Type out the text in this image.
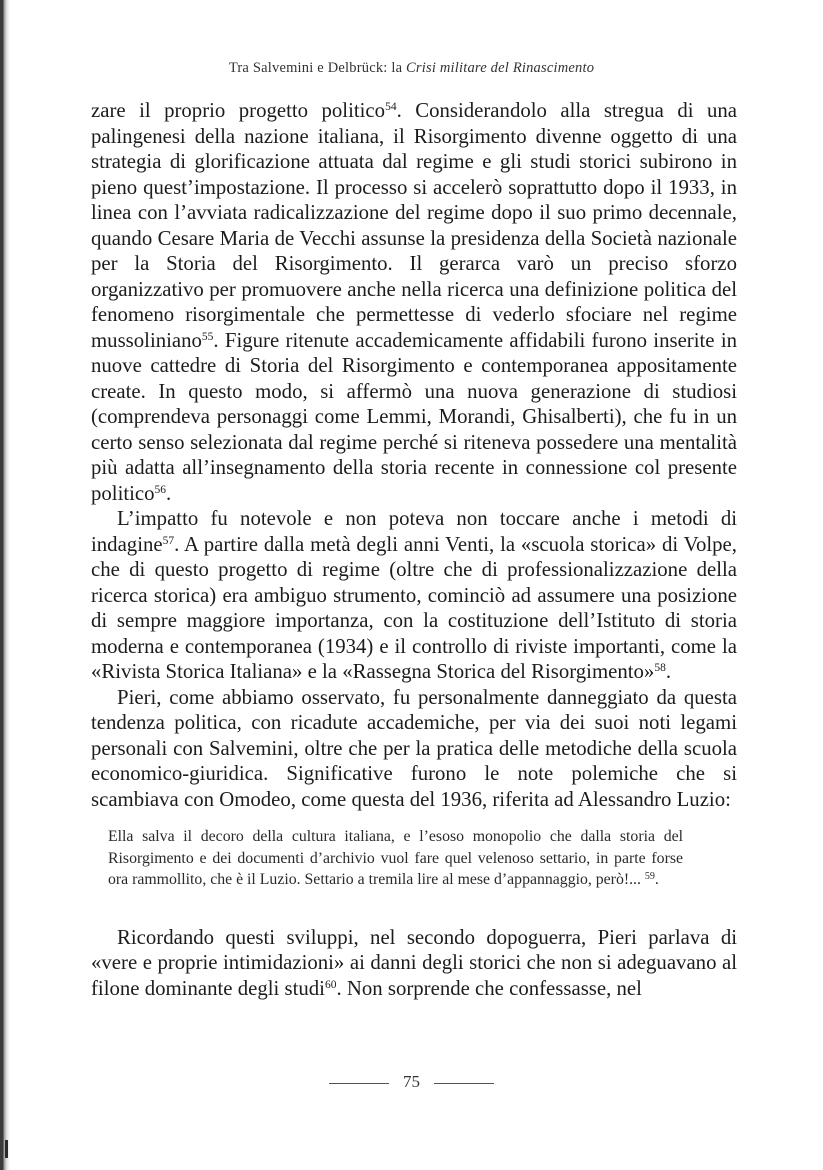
Tra Salvemini e Delbrück: la Crisi militare del Rinascimento

zare il proprio progetto politico$^{54}$. Considerandolo alla stregua di una palingenesi della nazione italiana, il Risorgimento divenne oggetto di una strategia di glorificazione attuata dal regime e gli studi storici subirono in pieno quest’impostazione. Il processo si accelerò soprattutto dopo il 1933, in linea con l’avviata radicalizzazione del regime dopo il suo primo decennale, quando Cesare Maria de Vecchi assunse la presidenza della Società nazionale per la Storia del Risorgimento. Il gerarca varò un preciso sforzo organizzativo per promuovere anche nella ricerca una definizione politica del fenomeno risorgimentale che permettesse di vederlo sfociare nel regime mussoliniano$^{55}$. Figure ritenute accademicamente affidabili furono inserite in nuove cattedre di Storia del Risorgimento e contemporanea appositamente create. In questo modo, si affermò una nuova generazione di studiosi (comprendeva personaggi come Lemmi, Morandi, Ghisalberti), che fu in un certo senso selezionata dal regime perché si riteneva possedere una mentalità più adatta all’insegnamento della storia recente in connessione col presente politico$^{56}$.

L’impatto fu notevole e non poteva non toccare anche i metodi di indagine$^{57}$. A partire dalla metà degli anni Venti, la «scuola storica» di Volpe, che di questo progetto di regime (oltre che di professionalizzazione della ricerca storica) era ambiguo strumento, cominciò ad assumere una posizione di sempre maggiore importanza, con la costituzione dell’Istituto di storia moderna e contemporanea (1934) e il controllo di riviste importanti, come la «Rivista Storica Italiana» e la «Rassegna Storica del Risorgimento»$^{58}$.

Pieri, come abbiamo osservato, fu personalmente danneggiato da questa tendenza politica, con ricadute accademiche, per via dei suoi noti legami personali con Salvemini, oltre che per la pratica delle metodiche della scuola economico-giuridica. Significative furono le note polemiche che si scambiava con Omodeo, come questa del 1936, riferita ad Alessandro Luzio:

Ella salva il decoro della cultura italiana, e l’esoso monopolio che dalla storia del Risorgimento e dei documenti d’archivio vuol fare quel velenoso settario, in parte forse ora rammollito, che è il Luzio. Settario a tremila lire al mese d’appannaggio, però!... $^{59}$.

Ricordando questi sviluppi, nel secondo dopoguerra, Pieri parlava di «vere e proprie intimidazioni» ai danni degli storici che non si adeguavano al filone dominante degli studi$^{60}$. Non sorprende che confessasse, nel

75
